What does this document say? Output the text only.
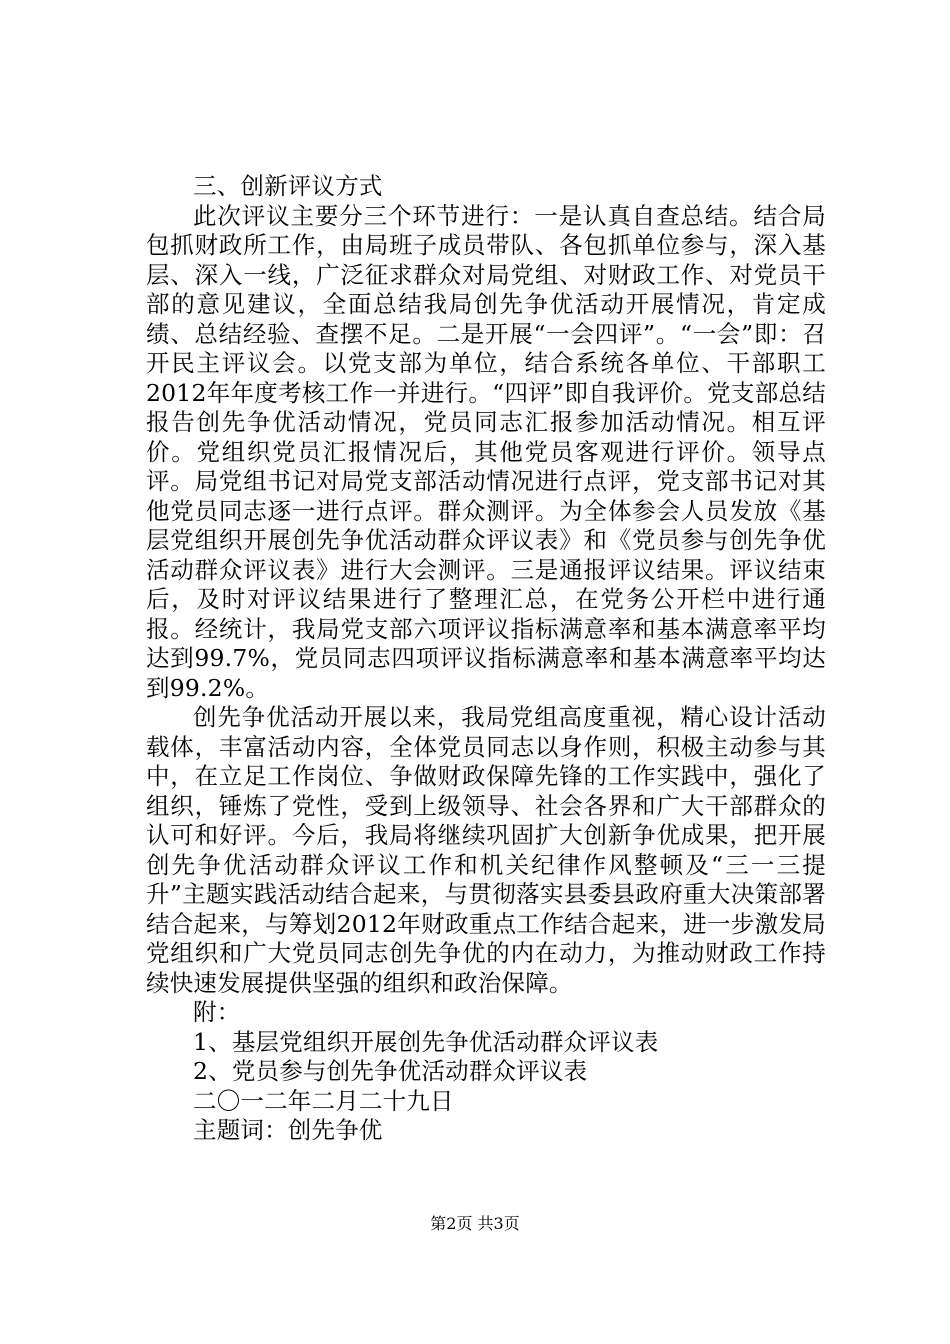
三、创新评议方式

此次评议主要分三个环节进行：一是认真自查总结。结合局包抓财政所工作，由局班子成员带队、各包抓单位参与，深入基层、深入一线，广泛征求群众对局党组、对财政工作、对党员干部的意见建议，全面总结我局创先争优活动开展情况，肯定成绩、总结经验、查摆不足。二是开展“一会四评”。“一会”即：召开民主评议会。以党支部为单位，结合系统各单位、干部职工2012年年度考核工作一并进行。“四评”即自我评价。党支部总结报告创先争优活动情况，党员同志汇报参加活动情况。相互评价。党组织党员汇报情况后，其他党员客观进行评价。领导点评。局党组书记对局党支部活动情况进行点评，党支部书记对其他党员同志逐一进行点评。群众测评。为全体参会人员发放《基层党组织开展创先争优活动群众评议表》和《党员参与创先争优活动群众评议表》进行大会测评。三是通报评议结果。评议结束后，及时对评议结果进行了整理汇总，在党务公开栏中进行通报。经统计，我局党支部六项评议指标满意率和基本满意率平均达到99.7%，党员同志四项评议指标满意率和基本满意率平均达到99.2%。

创先争优活动开展以来，我局党组高度重视，精心设计活动载体，丰富活动内容，全体党员同志以身作则，积极主动参与其中，在立足工作岗位、争做财政保障先锋的工作实践中，强化了组织，锤炼了党性，受到上级领导、社会各界和广大干部群众的认可和好评。今后，我局将继续巩固扩大创新争优成果，把开展创先争优活动群众评议工作和机关纪律作风整顿及“三一三提升”主题实践活动结合起来，与贯彻落实县委县政府重大决策部署结合起来，与筹划2012年财政重点工作结合起来，进一步激发局党组织和广大党员同志创先争优的内在动力，为推动财政工作持续快速发展提供坚强的组织和政治保障。

附：

1、基层党组织开展创先争优活动群众评议表

2、党员参与创先争优活动群众评议表

二〇一二年二月二十九日

主题词：创先争优

第2页 共3页
